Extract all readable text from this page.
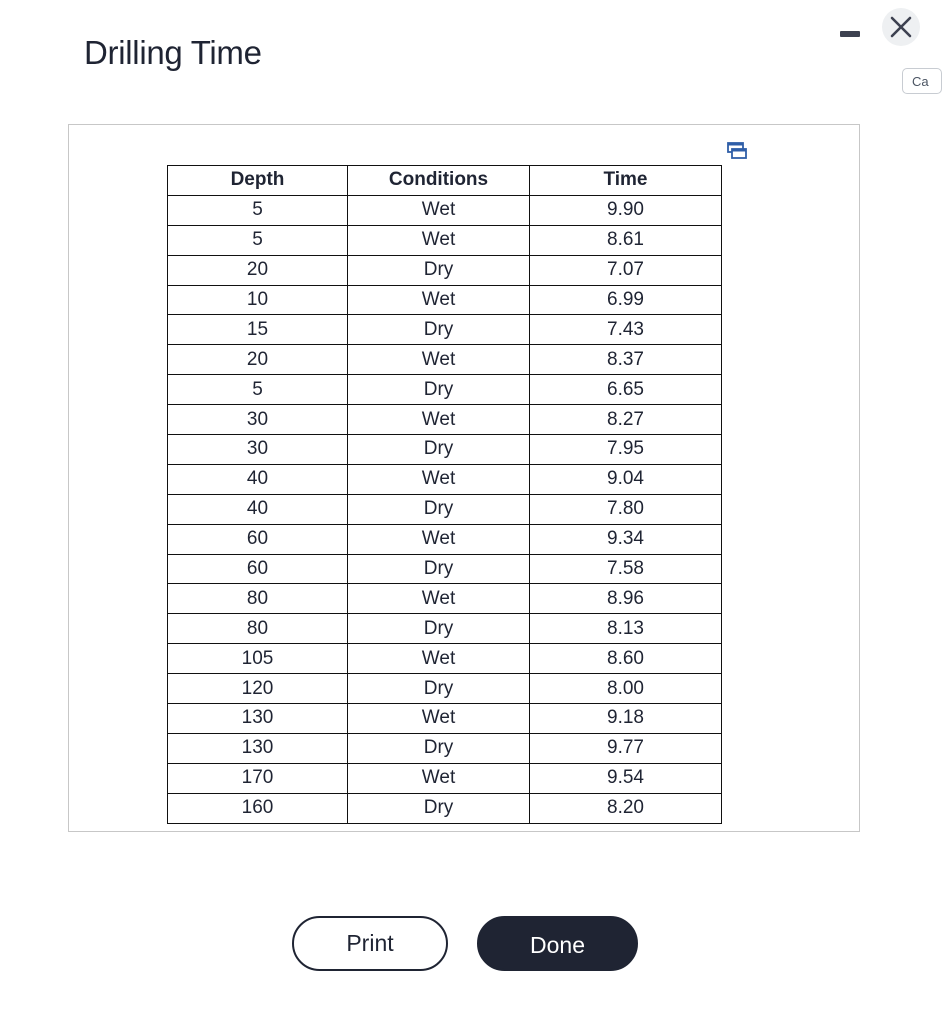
Drilling Time
Ca
Depth	Conditions	Time
5	Wet	9.90
5	Wet	8.61
20	Dry	7.07
10	Wet	6.99
15	Dry	7.43
20	Wet	8.37
5	Dry	6.65
30	Wet	8.27
30	Dry	7.95
40	Wet	9.04
40	Dry	7.80
60	Wet	9.34
60	Dry	7.58
80	Wet	8.96
80	Dry	8.13
105	Wet	8.60
120	Dry	8.00
130	Wet	9.18
130	Dry	9.77
170	Wet	9.54
160	Dry	8.20
Print	Done
